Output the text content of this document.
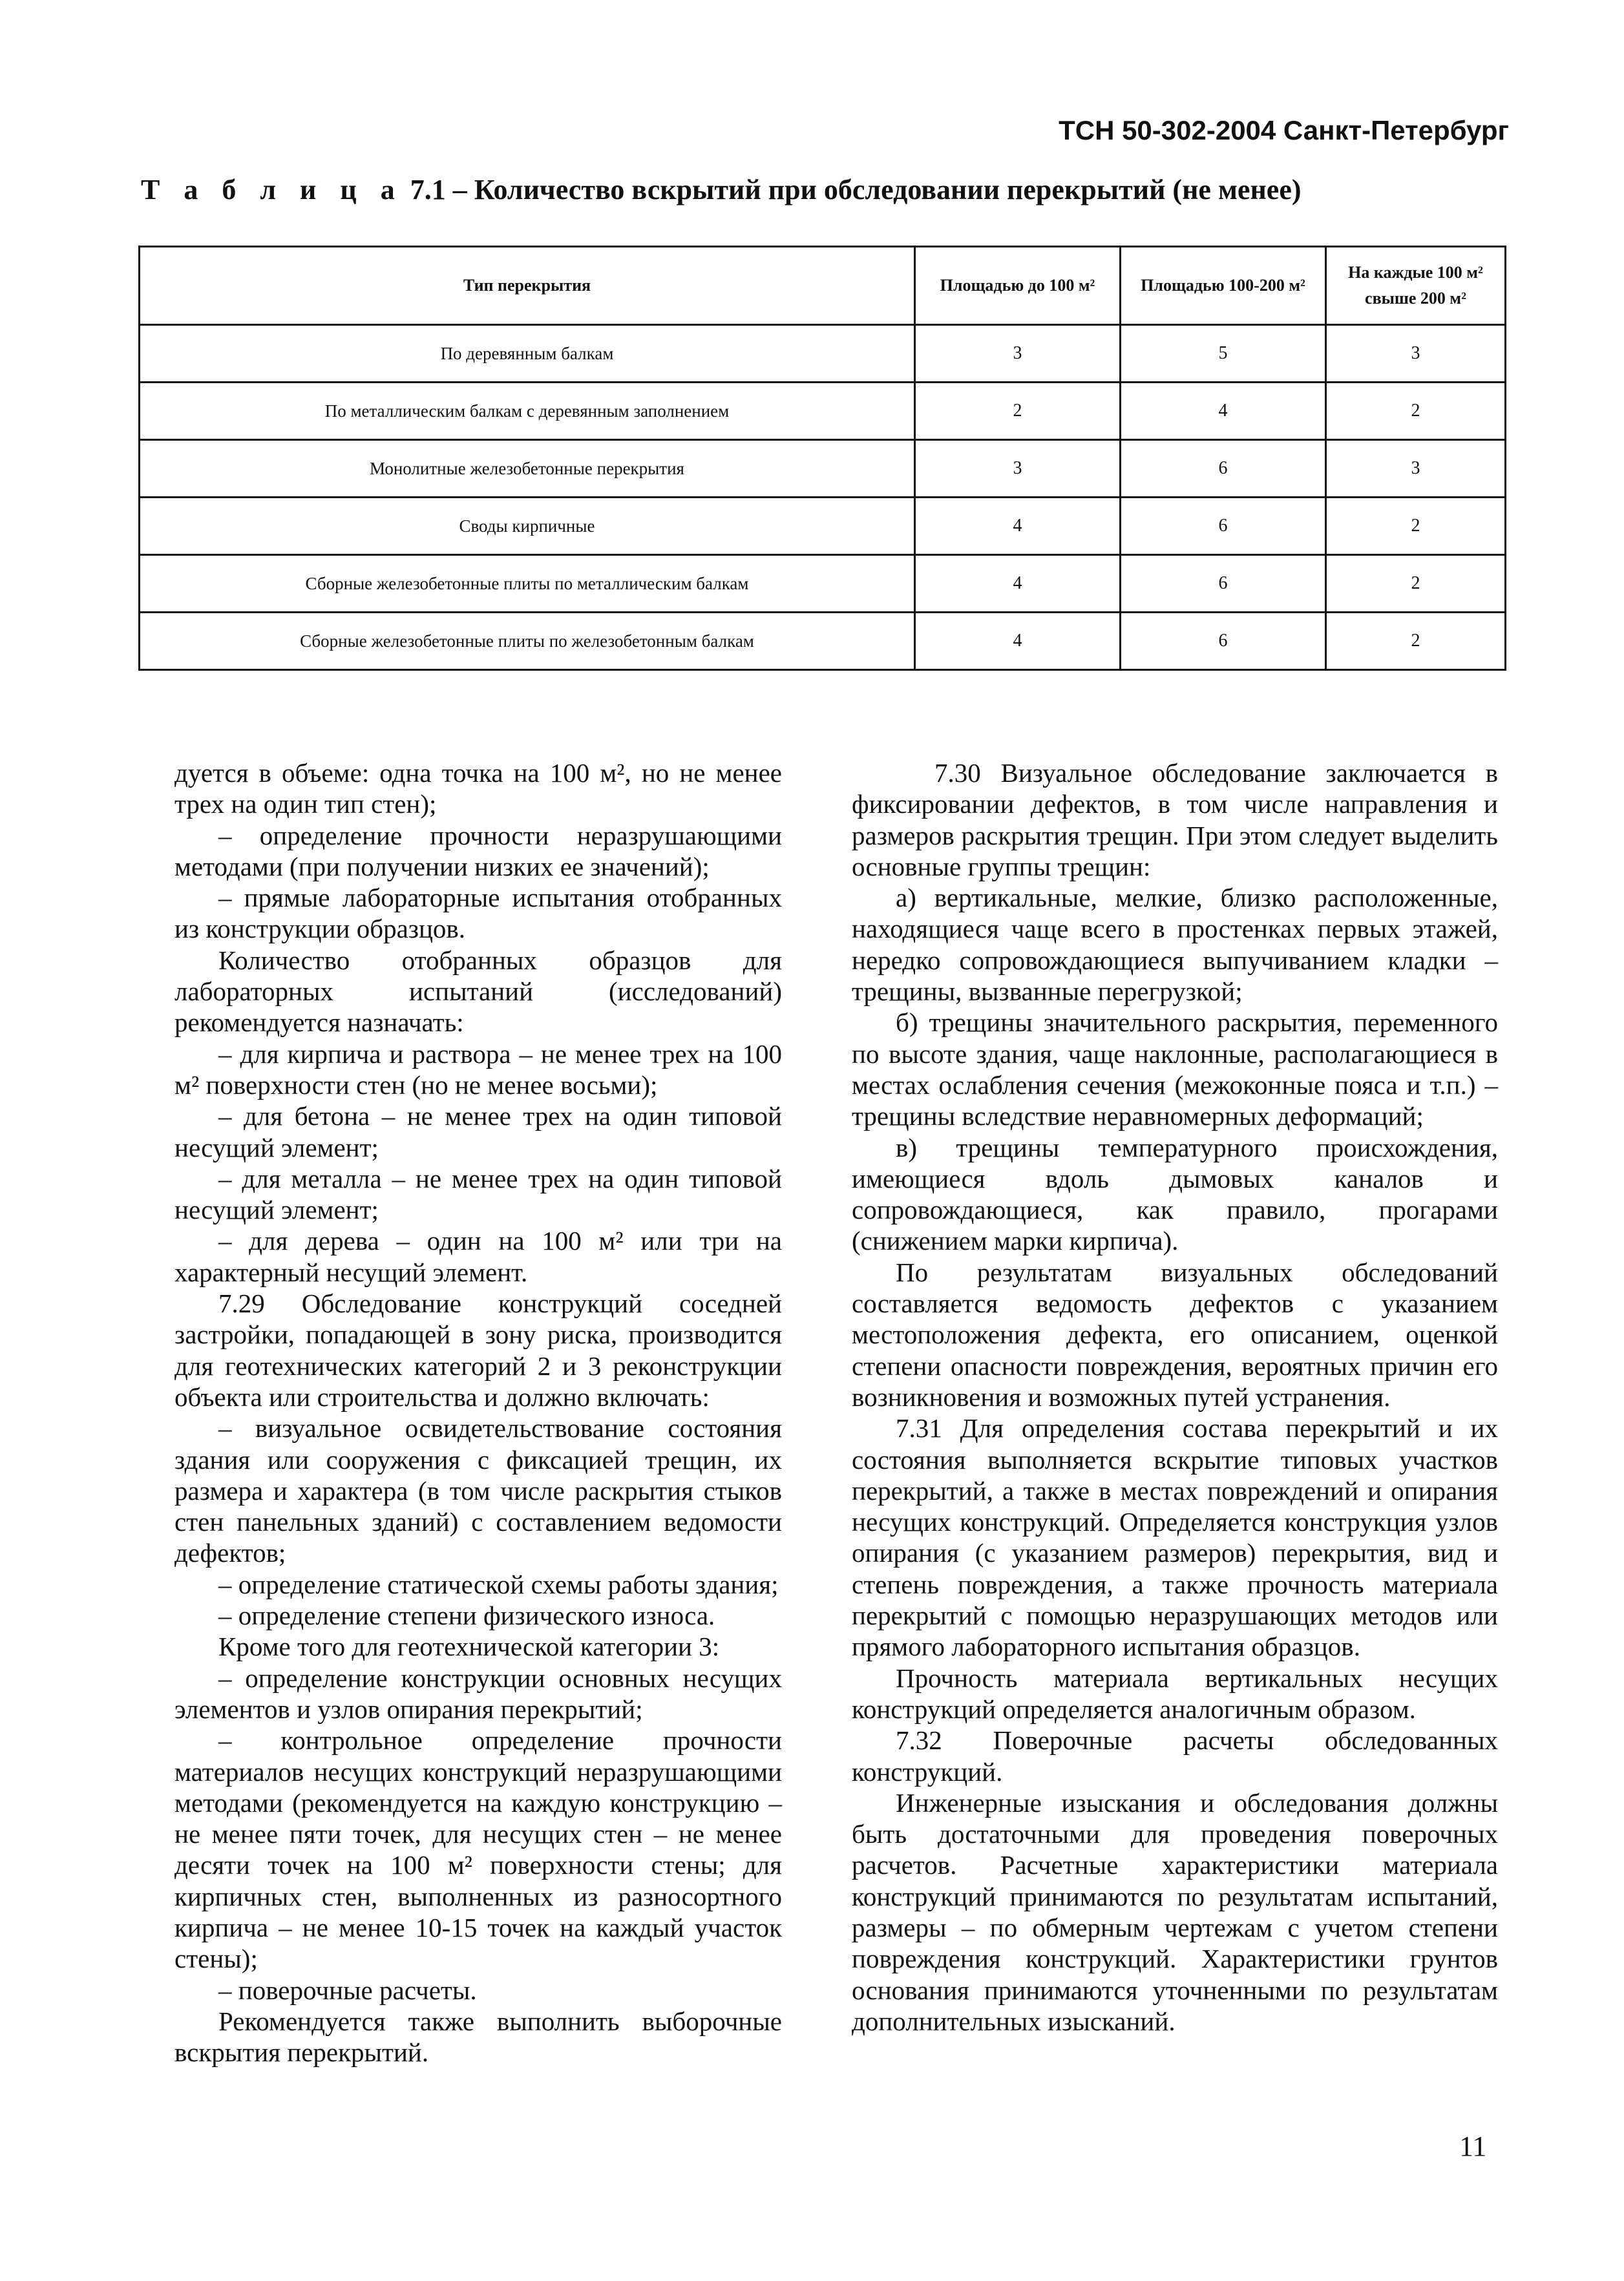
ТСН 50-302-2004 Санкт-Петербург
Т а б л и ц а 7.1 – Количество вскрытий при обследовании перекрытий (не менее)
Тип перекрытия	Площадью до 100 м²	Площадью 100-200 м²	На каждые 100 м² свыше 200 м²
По деревянным балкам	3	5	3
По металлическим балкам с деревянным заполнением	2	4	2
Монолитные железобетонные перекрытия	3	6	3
Своды кирпичные	4	6	2
Сборные железобетонные плиты по металлическим балкам	4	6	2
Сборные железобетонные плиты по железобетонным балкам	4	6	2

дуется в объеме: одна точка на 100 м², но не менее трех на один тип стен);

– определение прочности неразрушающими методами (при получении низких ее значений);

– прямые лабораторные испытания отобранных из конструкции образцов.

Количество отобранных образцов для лабораторных испытаний (исследований) рекомендуется назначать:

– для кирпича и раствора – не менее трех на 100 м² поверхности стен (но не менее восьми);

– для бетона – не менее трех на один типовой несущий элемент;

– для металла – не менее трех на один типовой несущий элемент;

– для дерева – один на 100 м² или три на характерный несущий элемент.

7.29 Обследование конструкций соседней застройки, попадающей в зону риска, производится для геотехнических категорий 2 и 3 реконструкции объекта или строительства и должно включать:

– визуальное освидетельствование состояния здания или сооружения с фиксацией трещин, их размера и характера (в том числе раскрытия стыков стен панельных зданий) с составлением ведомости дефектов;

– определение статической схемы работы здания;

– определение степени физического износа.

Кроме того для геотехнической категории 3:

– определение конструкции основных несущих элементов и узлов опирания перекрытий;

– контрольное определение прочности материалов несущих конструкций неразрушающими методами (рекомендуется на каждую конструкцию – не менее пяти точек, для несущих стен – не менее десяти точек на 100 м² поверхности стены; для кирпичных стен, выполненных из разносортного кирпича – не менее 10-15 точек на каждый участок стены);

– поверочные расчеты.

Рекомендуется также выполнить выборочные вскрытия перекрытий.

7.30 Визуальное обследование заключается в фиксировании дефектов, в том числе направления и размеров раскрытия трещин. При этом следует выделить основные группы трещин:

а) вертикальные, мелкие, близко расположенные, находящиеся чаще всего в простенках первых этажей, нередко сопровождающиеся выпучиванием кладки – трещины, вызванные перегрузкой;

б) трещины значительного раскрытия, переменного по высоте здания, чаще наклонные, располагающиеся в местах ослабления сечения (межоконные пояса и т.п.) – трещины вследствие неравномерных деформаций;

в) трещины температурного происхождения, имеющиеся вдоль дымовых каналов и сопровождающиеся, как правило, прогарами (снижением марки кирпича).

По результатам визуальных обследований составляется ведомость дефектов с указанием местоположения дефекта, его описанием, оценкой степени опасности повреждения, вероятных причин его возникновения и возможных путей устранения.

7.31 Для определения состава перекрытий и их состояния выполняется вскрытие типовых участков перекрытий, а также в местах повреждений и опирания несущих конструкций. Определяется конструкция узлов опирания (с указанием размеров) перекрытия, вид и степень повреждения, а также прочность материала перекрытий с помощью неразрушающих методов или прямого лабораторного испытания образцов.

Прочность материала вертикальных несущих конструкций определяется аналогичным образом.

7.32 Поверочные расчеты обследованных конструкций.

Инженерные изыскания и обследования должны быть достаточными для проведения поверочных расчетов. Расчетные характеристики материала конструкций принимаются по результатам испытаний, размеры – по обмерным чертежам с учетом степени повреждения конструкций. Характеристики грунтов основания принимаются уточненными по результатам дополнительных изысканий.

11
